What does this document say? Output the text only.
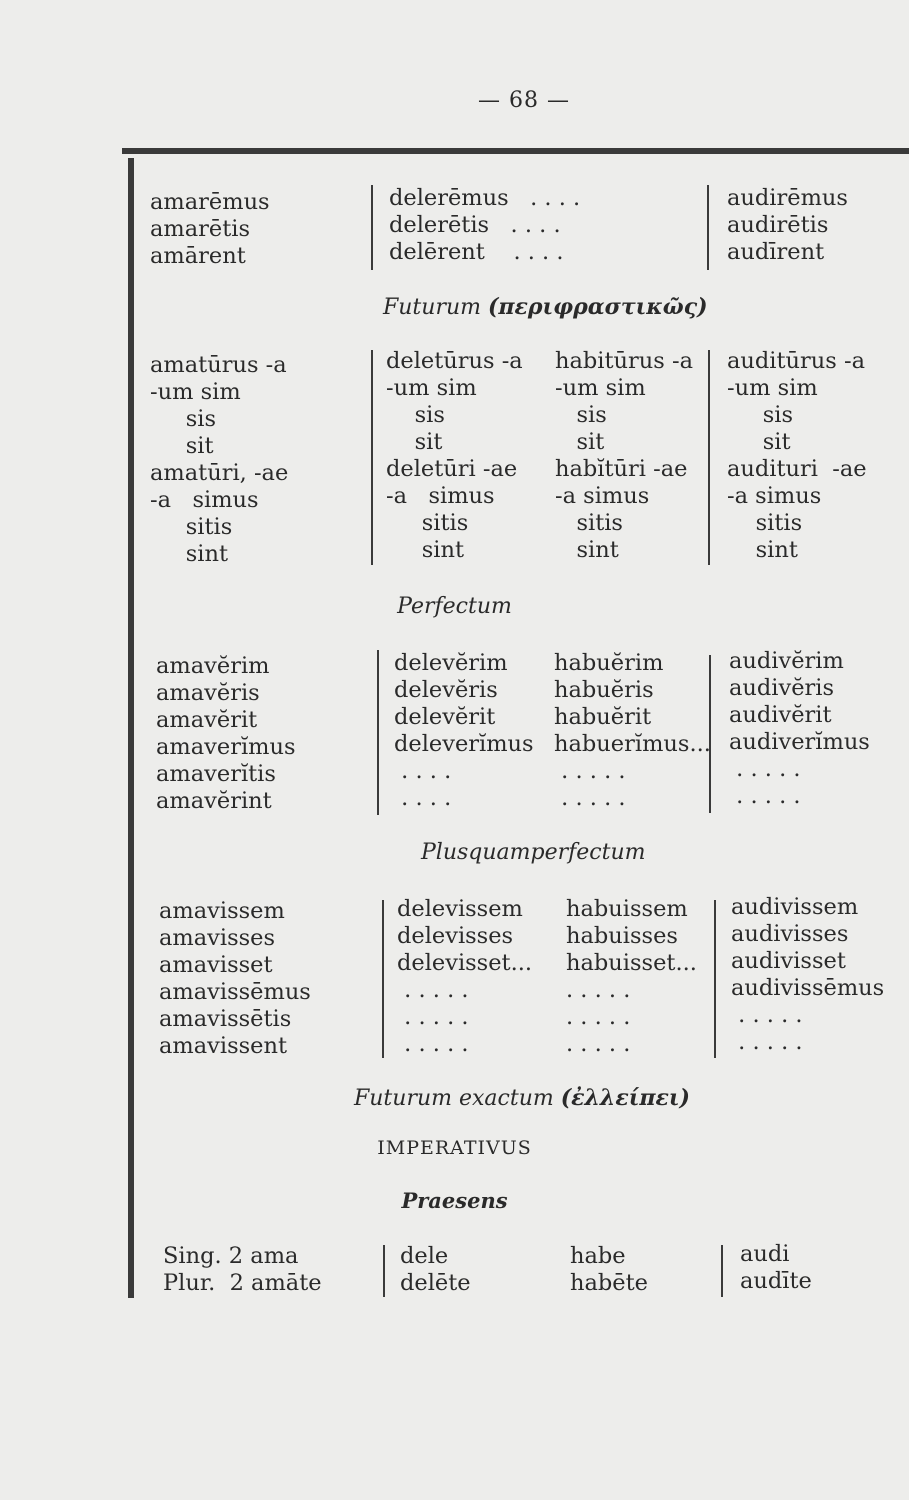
— 68 —
amarēmus
amarētis
amārent
delerēmus   . . . .
delerētis   . . . .
delērent    . . . .
audirēmus
audirētis
audīrent
Futurum (περιφραστικῶς)
amatūrus -a
-um sim
sis
sit
amatūri, -ae
-a   simus
sitis
sint
deletūrus -a
-um sim
sis
sit
deletūri -ae
-a   simus
sitis
sint
habitūrus -a
-um sim
sis
sit
habĭtūri -ae
-a simus
sitis
sint
auditūrus -a
-um sim
sis
sit
audituri  -ae
-a simus
sitis
sint
Perfectum
amavĕrim
amavĕris
amavĕrit
amaverĭmus
amaverĭtis
amavĕrint
delevĕrim
delevĕris
delevĕrit
deleverĭmus
. . . .
. . . .
habuĕrim
habuĕris
habuĕrit
habuerĭmus...
. . . . .
. . . . .
audivĕrim
audivĕris
audivĕrit
audiverĭmus
. . . . .
. . . . .
Plusquamperfectum
amavissem
amavisses
amavisset
amavissēmus
amavissētis
amavissent
delevissem
delevisses
delevisset...
. . . . .
. . . . .
. . . . .
habuissem
habuisses
habuisset...
. . . . .
. . . . .
. . . . .
audivissem
audivisses
audivisset
audivissēmus
. . . . .
. . . . .
Futurum exactum (ἐλλείπει)
IMPERATIVUS
Praesens
Sing. 2 ama
Plur.  2 amāte
dele
delēte
habe
habēte
audi
audīte
